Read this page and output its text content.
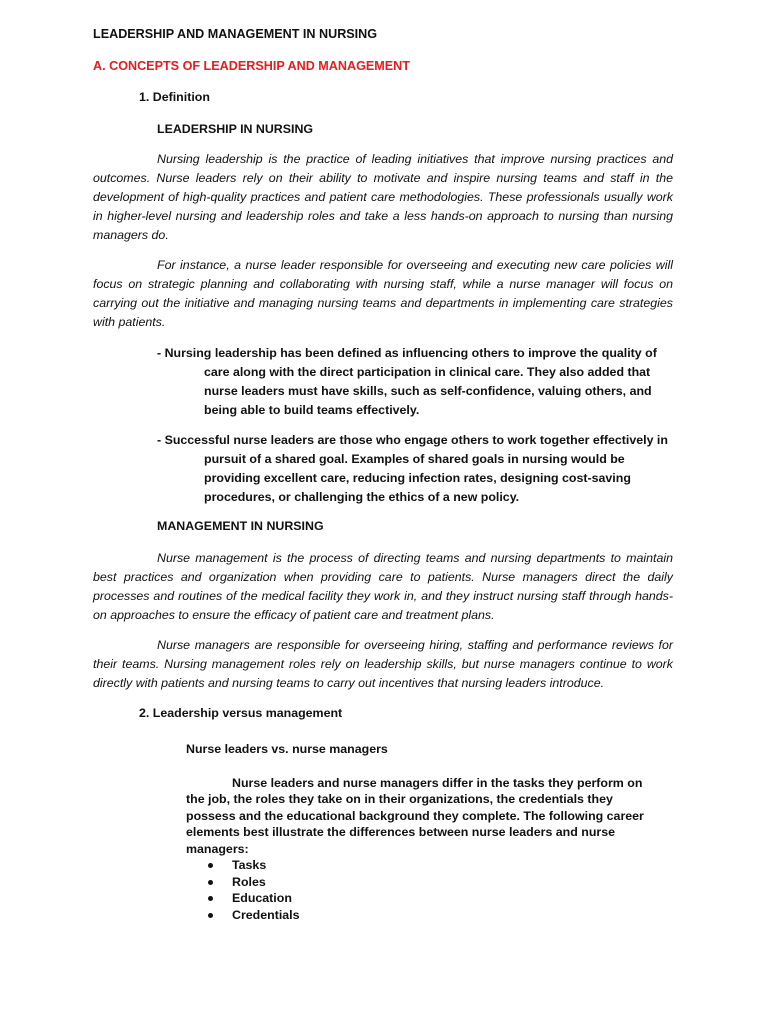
LEADERSHIP AND MANAGEMENT IN NURSING
A. CONCEPTS OF LEADERSHIP AND MANAGEMENT
1. Definition
LEADERSHIP IN NURSING

Nursing leadership is the practice of leading initiatives that improve nursing practices and outcomes. Nurse leaders rely on their ability to motivate and inspire nursing teams and staff in the development of high-quality practices and patient care methodologies. These professionals usually work in higher-level nursing and leadership roles and take a less hands-on approach to nursing than nursing managers do.

For instance, a nurse leader responsible for overseeing and executing new care policies will focus on strategic planning and collaborating with nursing staff, while a nurse manager will focus on carrying out the initiative and managing nursing teams and departments in implementing care strategies with patients.

- Nursing leadership has been defined as influencing others to improve the quality of care along with the direct participation in clinical care. They also added that nurse leaders must have skills, such as self-confidence, valuing others, and being able to build teams effectively.

- Successful nurse leaders are those who engage others to work together effectively in pursuit of a shared goal. Examples of shared goals in nursing would be providing excellent care, reducing infection rates, designing cost-saving procedures, or challenging the ethics of a new policy.

MANAGEMENT IN NURSING

Nurse management is the process of directing teams and nursing departments to maintain best practices and organization when providing care to patients. Nurse managers direct the daily processes and routines of the medical facility they work in, and they instruct nursing staff through hands-on approaches to ensure the efficacy of patient care and treatment plans.

Nurse managers are responsible for overseeing hiring, staffing and performance reviews for their teams. Nursing management roles rely on leadership skills, but nurse managers continue to work directly with patients and nursing teams to carry out incentives that nursing leaders introduce.

2. Leadership versus management
Nurse leaders vs. nurse managers

Nurse leaders and nurse managers differ in the tasks they perform on the job, the roles they take on in their organizations, the credentials they possess and the educational background they complete. The following career elements best illustrate the differences between nurse leaders and nurse managers:

Tasks
Roles
Education
Credentials
